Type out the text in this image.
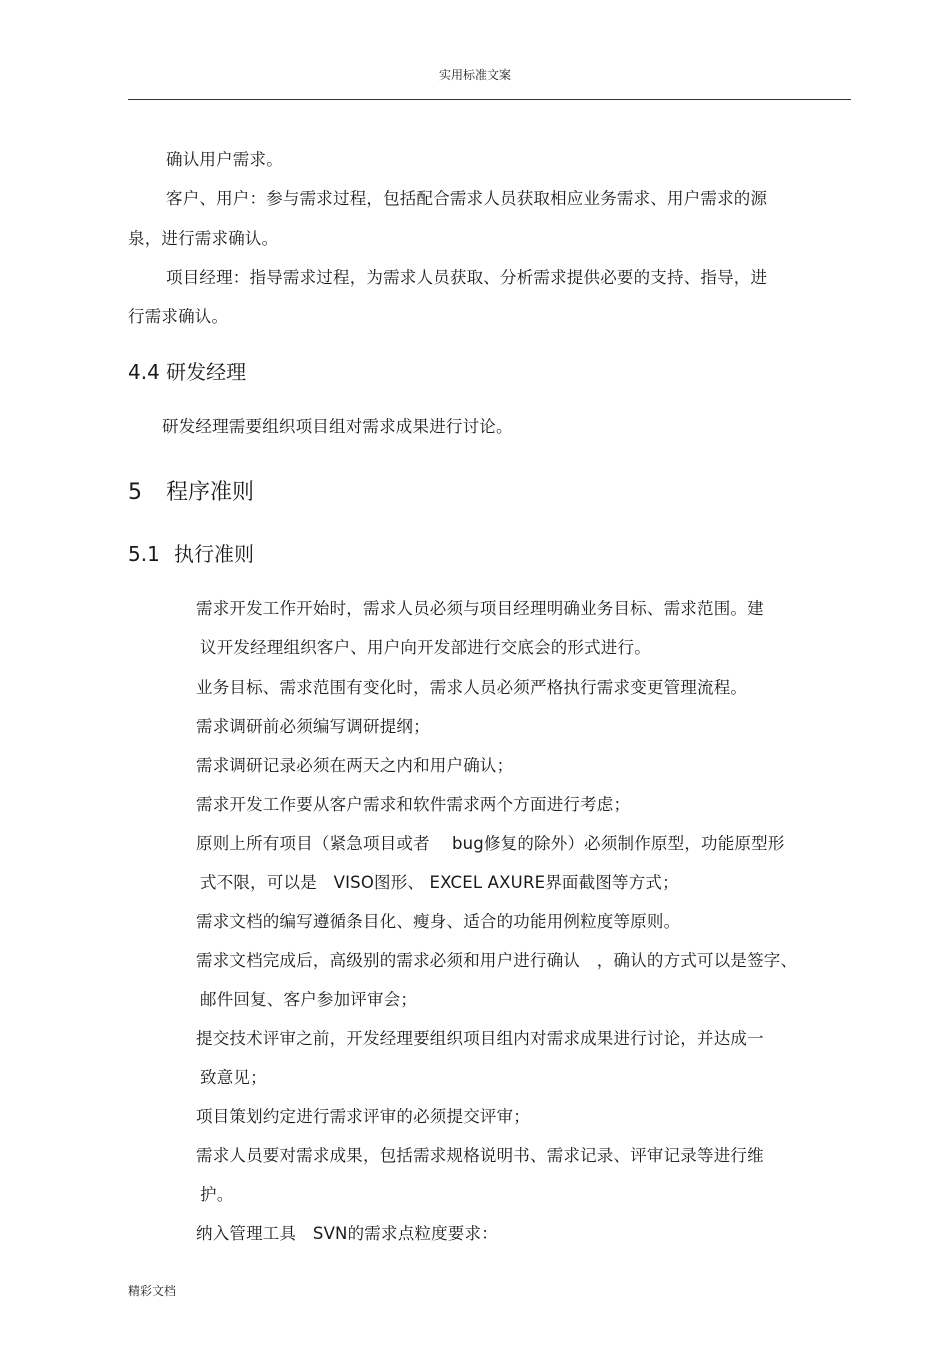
实用标准文案
确认用户需求。
客户、用户：参与需求过程，包括配合需求人员获取相应业务需求、用户需求的源
泉，进行需求确认。
项目经理：指导需求过程，为需求人员获取、分析需求提供必要的支持、指导，进
行需求确认。
4.4 研发经理
研发经理需要组织项目组对需求成果进行讨论。
5 程序准则
5.1 执行准则
需求开发工作开始时，需求人员必须与项目经理明确业务目标、需求范围。建
议开发经理组织客户、用户向开发部进行交底会的形式进行。
业务目标、需求范围有变化时，需求人员必须严格执行需求变更管理流程。
需求调研前必须编写调研提纲；
需求调研记录必须在两天之内和用户确认；
需求开发工作要从客户需求和软件需求两个方面进行考虑；
原则上所有项目（紧急项目或者　 bug修复的除外）必须制作原型，功能原型形
式不限，可以是　VISO图形、 EXCEL AXURE界面截图等方式；
需求文档的编写遵循条目化、瘦身、适合的功能用例粒度等原则。
需求文档完成后，高级别的需求必须和用户进行确认　，确认的方式可以是签字、
邮件回复、客户参加评审会；
提交技术评审之前，开发经理要组织项目组内对需求成果进行讨论，并达成一
致意见；
项目策划约定进行需求评审的必须提交评审；
需求人员要对需求成果，包括需求规格说明书、需求记录、评审记录等进行维
护。
纳入管理工具　SVN的需求点粒度要求：
精彩文档
